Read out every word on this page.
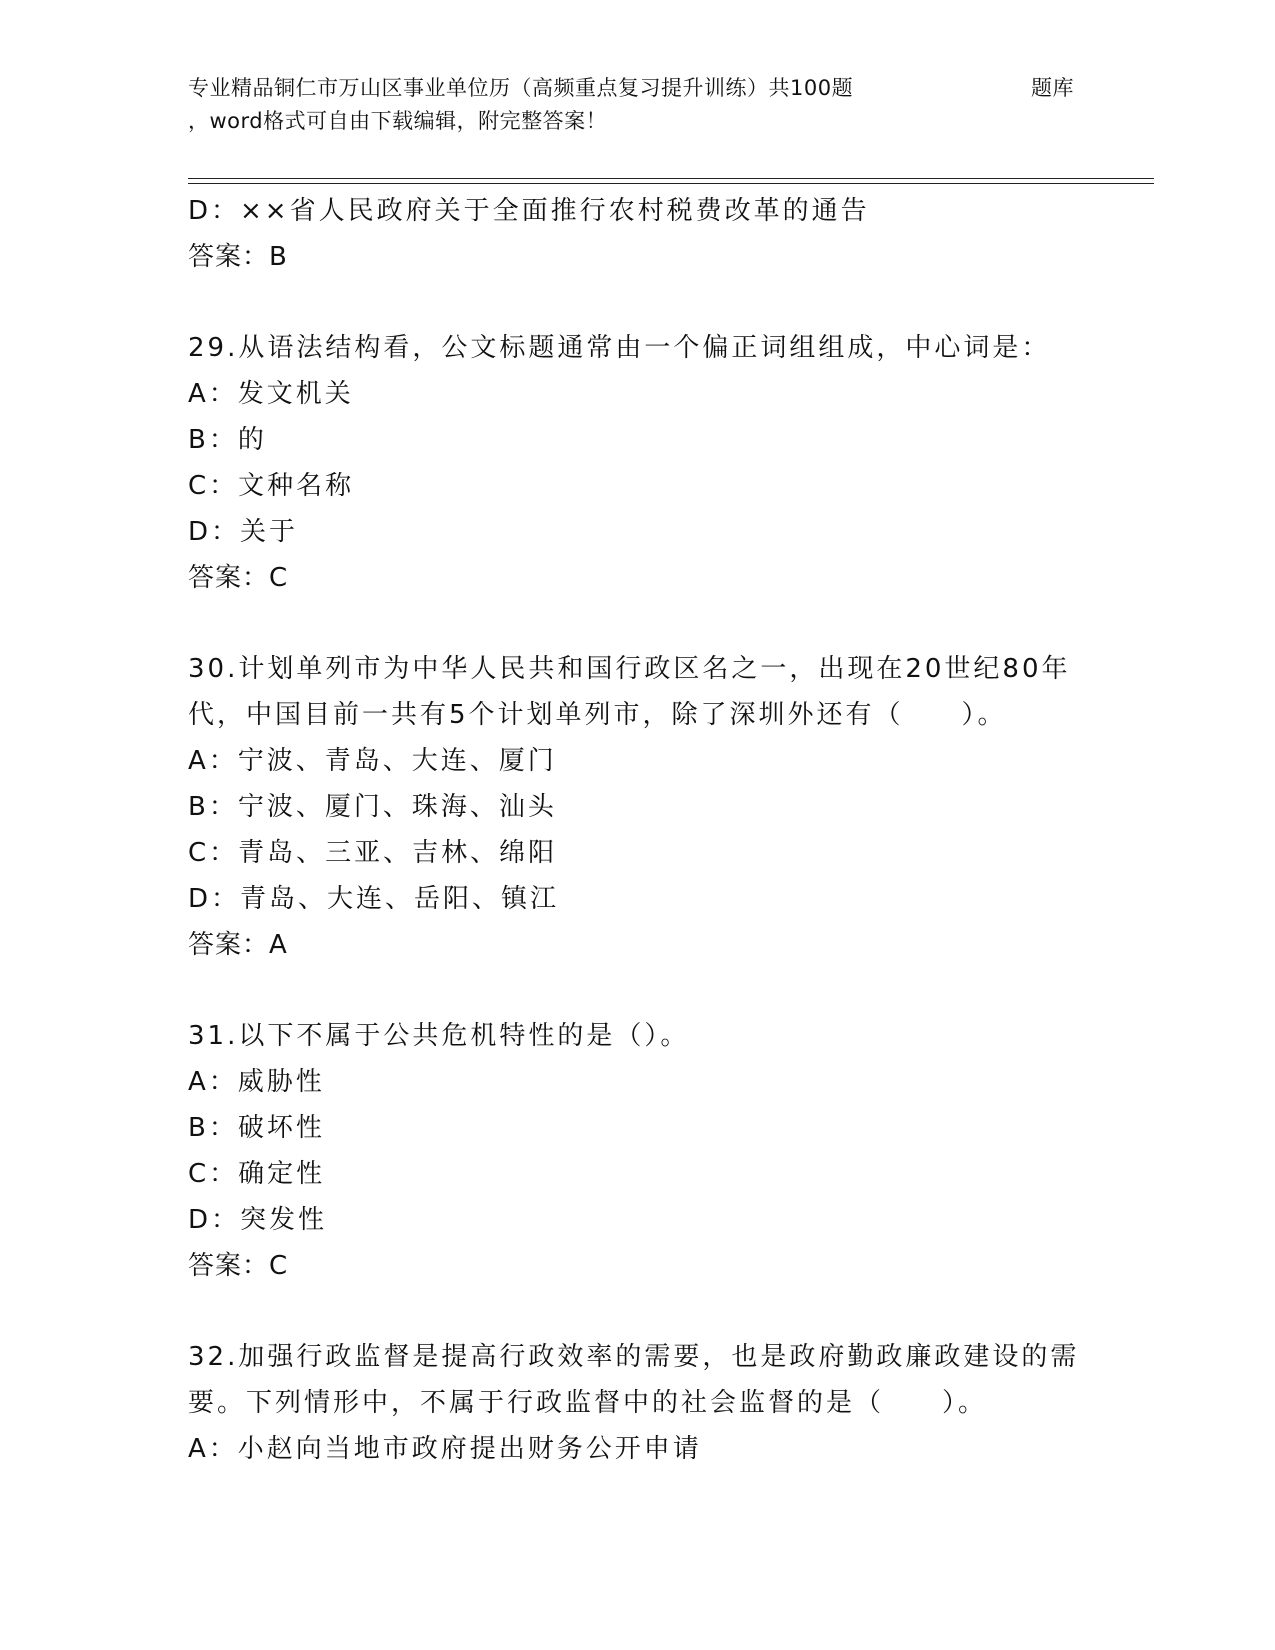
专业精品铜仁市万山区事业单位历（高频重点复习提升训练）共100题	题库
，word格式可自由下载编辑，附完整答案！
D：××省人民政府关于全面推行农村税费改革的通告
答案：B
29.从语法结构看，公文标题通常由一个偏正词组组成，中心词是：
A：发文机关
B：的
C：文种名称
D：关于
答案：C
30.计划单列市为中华人民共和国行政区名之一，出现在20世纪80年
代，中国目前一共有5个计划单列市，除了深圳外还有（　　）。
A：宁波、青岛、大连、厦门
B：宁波、厦门、珠海、汕头
C：青岛、三亚、吉林、绵阳
D：青岛、大连、岳阳、镇江
答案：A
31.以下不属于公共危机特性的是（）。
A：威胁性
B：破坏性
C：确定性
D：突发性
答案：C
32.加强行政监督是提高行政效率的需要，也是政府勤政廉政建设的需
要。下列情形中，不属于行政监督中的社会监督的是（　　）。
A：小赵向当地市政府提出财务公开申请
